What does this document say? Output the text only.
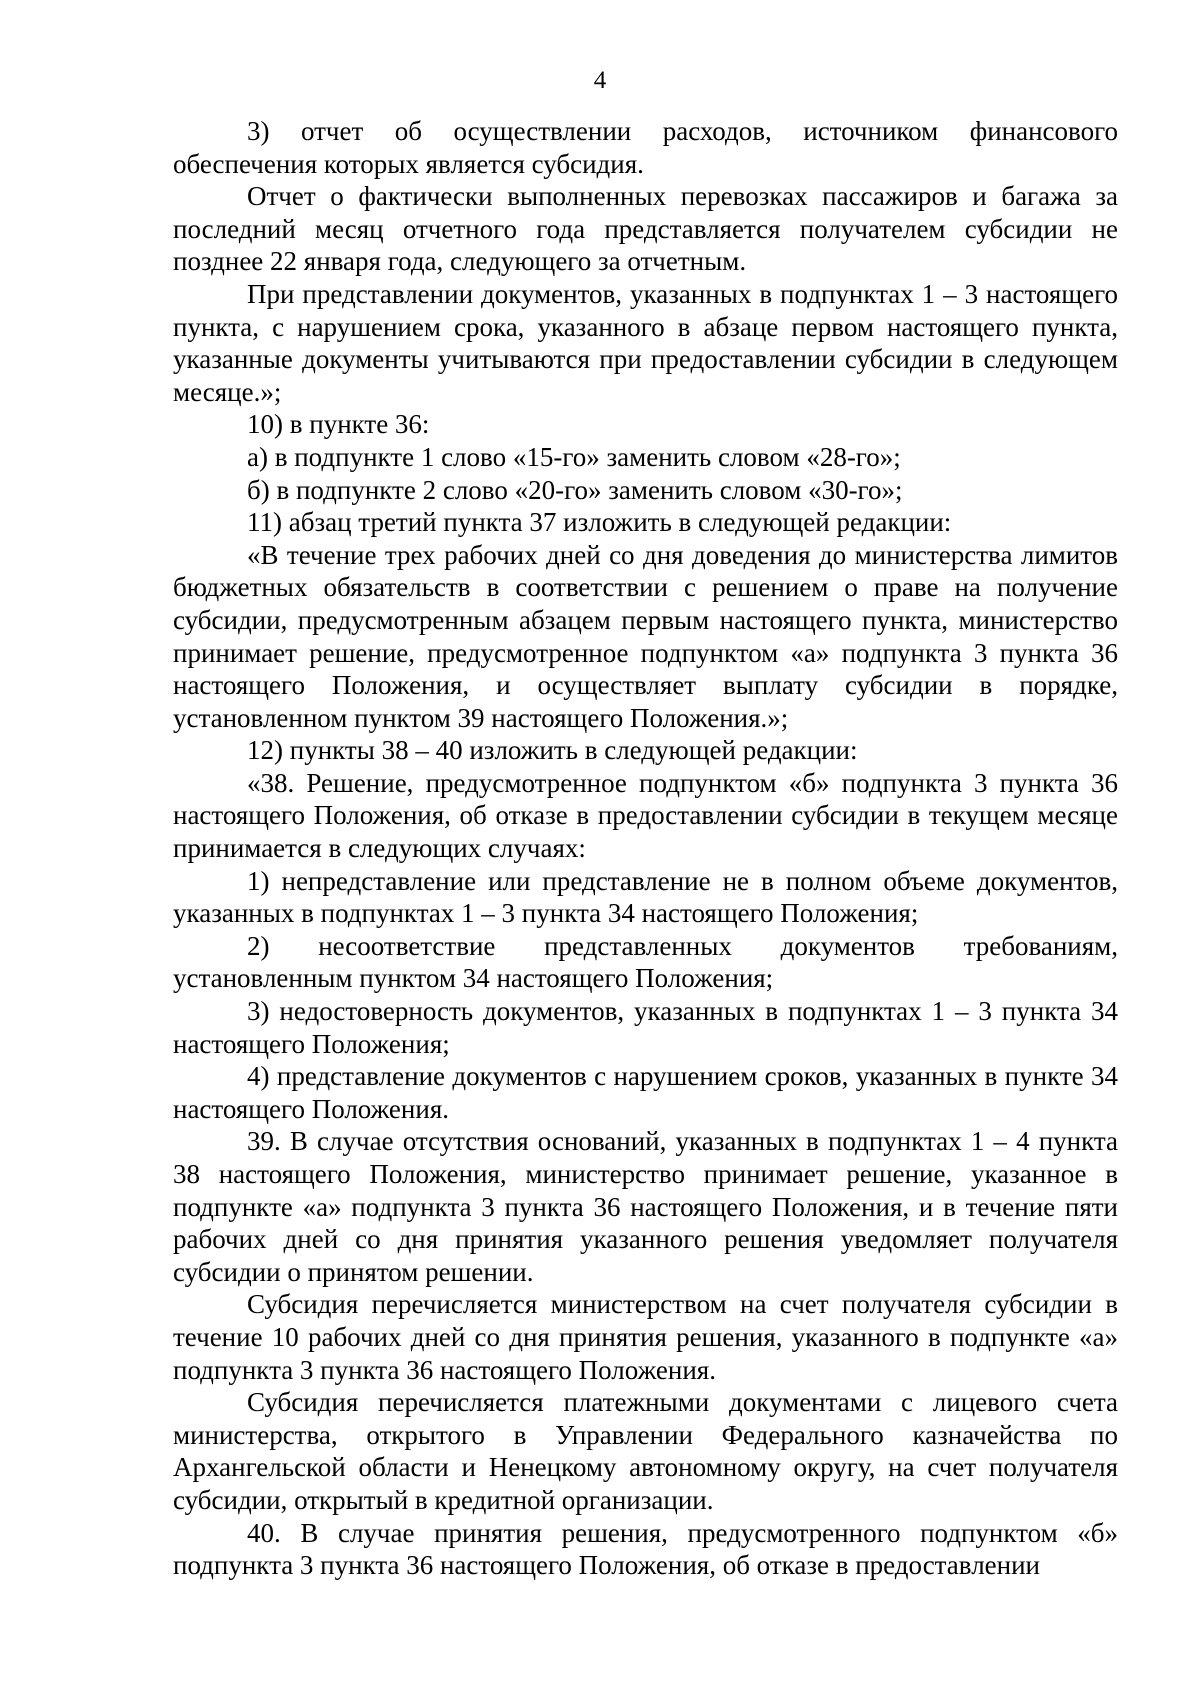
4

3) отчет об осуществлении расходов, источником финансового обеспечения которых является субсидия.

Отчет о фактически выполненных перевозках пассажиров и багажа за последний месяц отчетного года представляется получателем субсидии не позднее 22 января года, следующего за отчетным.

При представлении документов, указанных в подпунктах 1 – 3 настоящего пункта, с нарушением срока, указанного в абзаце первом настоящего пункта, указанные документы учитываются при предоставлении субсидии в следующем месяце.»;

10) в пункте 36:

а) в подпункте 1 слово «15-го» заменить словом «28-го»;

б) в подпункте 2 слово «20-го» заменить словом «30-го»;

11) абзац третий пункта 37 изложить в следующей редакции:

«В течение трех рабочих дней со дня доведения до министерства лимитов бюджетных обязательств в соответствии с решением о праве на получение субсидии, предусмотренным абзацем первым настоящего пункта, министерство принимает решение, предусмотренное подпунктом «а» подпункта 3 пункта 36 настоящего Положения, и осуществляет выплату субсидии в порядке, установленном пунктом 39 настоящего Положения.»;

12) пункты 38 – 40 изложить в следующей редакции:

«38. Решение, предусмотренное подпунктом «б» подпункта 3 пункта 36 настоящего Положения, об отказе в предоставлении субсидии в текущем месяце принимается в следующих случаях:

1) непредставление или представление не в полном объеме документов, указанных в подпунктах 1 – 3 пункта 34 настоящего Положения;

2) несоответствие представленных документов требованиям, установленным пунктом 34 настоящего Положения;

3) недостоверность документов, указанных в подпунктах 1 – 3 пункта 34 настоящего Положения;

4) представление документов с нарушением сроков, указанных в пункте 34 настоящего Положения.

39. В случае отсутствия оснований, указанных в подпунктах 1 – 4 пункта 38 настоящего Положения, министерство принимает решение, указанное в подпункте «а» подпункта 3 пункта 36 настоящего Положения, и в течение пяти рабочих дней со дня принятия указанного решения уведомляет получателя субсидии о принятом решении.

Субсидия перечисляется министерством на счет получателя субсидии в течение 10 рабочих дней со дня принятия решения, указанного в подпункте «а» подпункта 3 пункта 36 настоящего Положения.

Субсидия перечисляется платежными документами с лицевого счета министерства, открытого в Управлении Федерального казначейства по Архангельской области и Ненецкому автономному округу, на счет получателя субсидии, открытый в кредитной организации.

40. В случае принятия решения, предусмотренного подпунктом «б» подпункта 3 пункта 36 настоящего Положения, об отказе в предоставлении
